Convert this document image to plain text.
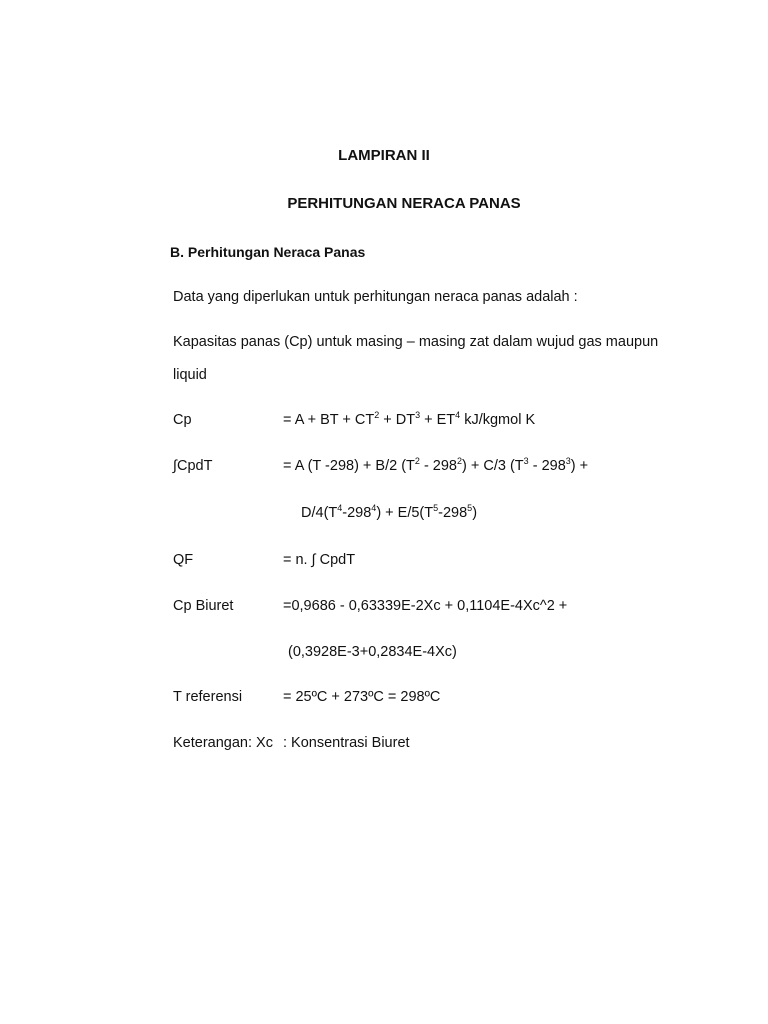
LAMPIRAN II
PERHITUNGAN NERACA PANAS
B. Perhitungan Neraca Panas
Data yang diperlukan untuk perhitungan neraca panas adalah :
Kapasitas panas (Cp) untuk masing – masing zat dalam wujud gas maupun
liquid
Cp	= A + BT + $CT^2 + DT^3 + ET^4$ kJ/kgmol K
∫CpdT	= A (T -298) + B/2 $(T^2 - 298^2) + C/3$ $(T^3 - 298^3)$ +
$D/4(T^4-298^4) + E/5(T^5-298^5)$
QF	= n. ∫ CpdT
Cp Biuret	=0,9686 - 0,63339E-2Xc + 0,1104E-4Xc^2 +
(0,3928E-3+0,2834E-4Xc)
T referensi	= 25ºC + 273ºC = 298ºC
Keterangan: Xc : Konsentrasi Biuret
